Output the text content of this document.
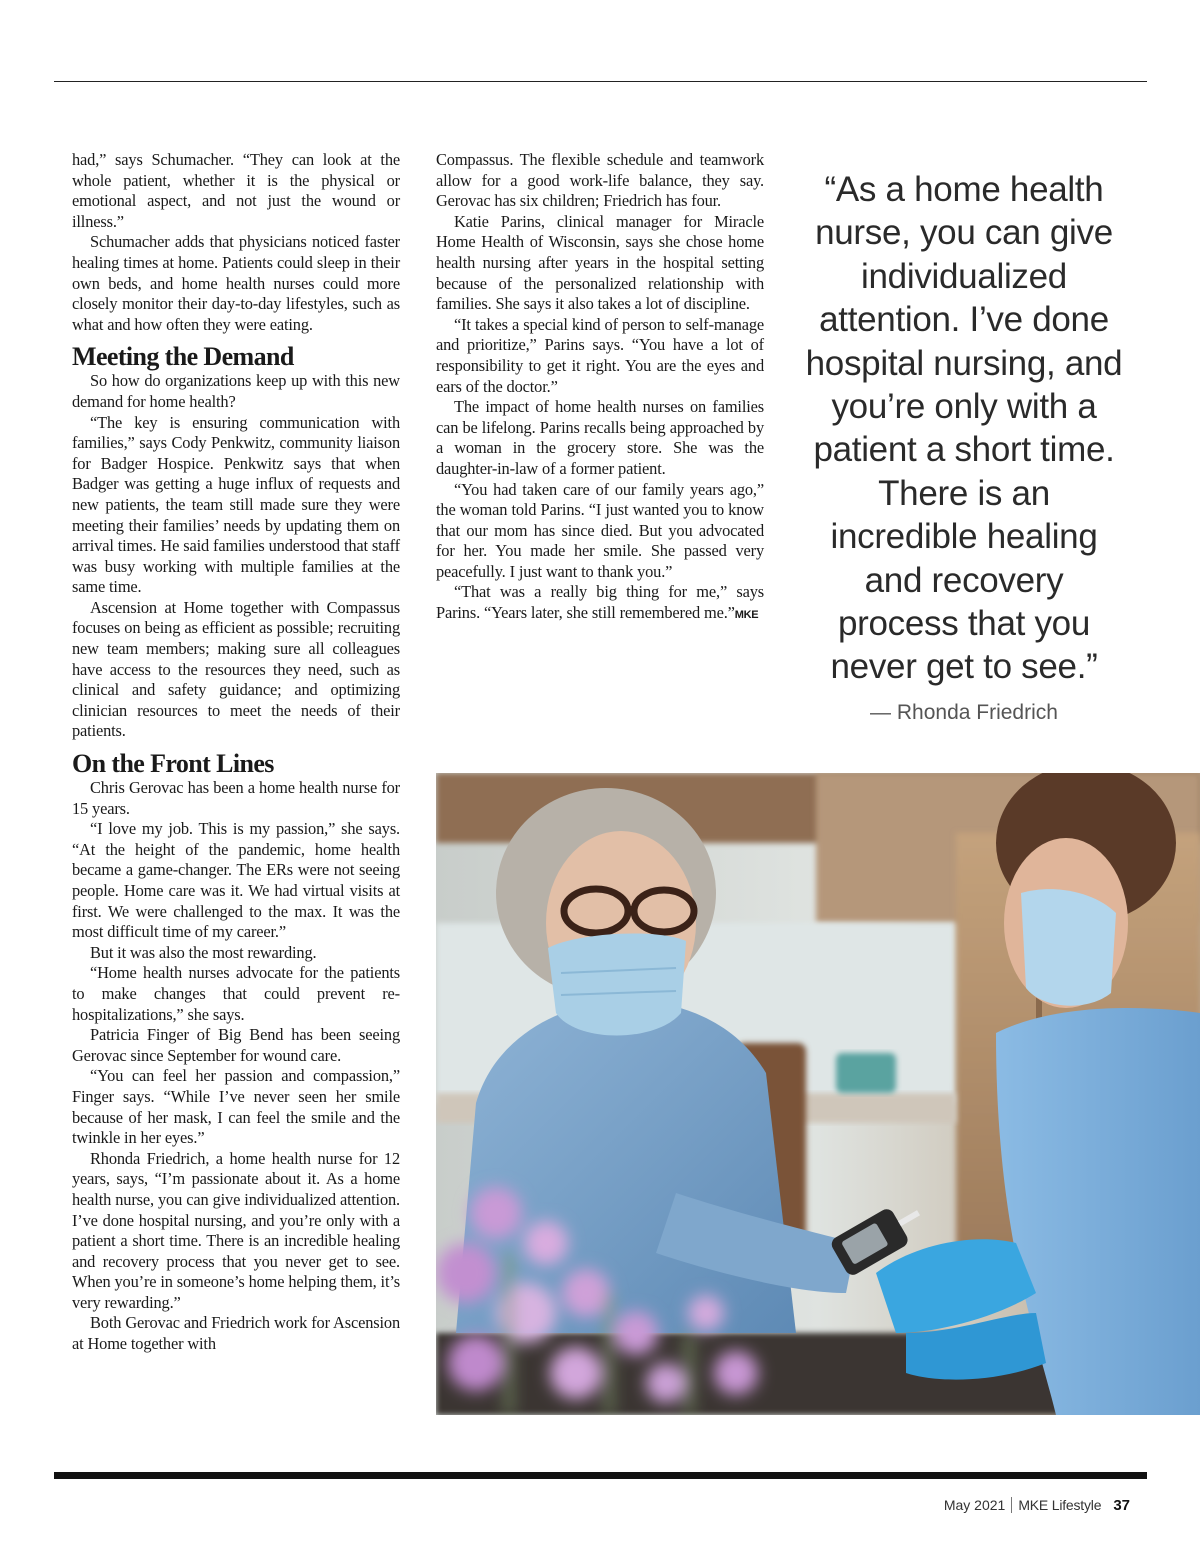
had,” says Schumacher. “They can look at the whole patient, whether it is the physical or emotional aspect, and not just the wound or illness.”

Schumacher adds that physicians noticed faster healing times at home. Patients could sleep in their own beds, and home health nurses could more closely monitor their day-to-day lifestyles, such as what and how often they were eating.

Meeting the Demand

So how do organizations keep up with this new demand for home health?

“The key is ensuring communication with families,” says Cody Penkwitz, community liaison for Badger Hospice. Penkwitz says that when Badger was getting a huge influx of requests and new patients, the team still made sure they were meeting their families’ needs by updating them on arrival times. He said families understood that staff was busy working with multiple families at the same time.

Ascension at Home together with Compassus focuses on being as efficient as possible; recruiting new team members; making sure all colleagues have access to the resources they need, such as clinical and safety guidance; and optimizing clinician resources to meet the needs of their patients.

On the Front Lines

Chris Gerovac has been a home health nurse for 15 years.

“I love my job. This is my passion,” she says. “At the height of the pandemic, home health became a game-changer. The ERs were not seeing people. Home care was it. We had virtual visits at first. We were challenged to the max. It was the most difficult time of my career.”

But it was also the most rewarding.

“Home health nurses advocate for the patients to make changes that could prevent re-hospitalizations,” she says.

Patricia Finger of Big Bend has been seeing Gerovac since September for wound care.

“You can feel her passion and compassion,” Finger says. “While I’ve never seen her smile because of her mask, I can feel the smile and the twinkle in her eyes.”

Rhonda Friedrich, a home health nurse for 12 years, says, “I’m passionate about it. As a home health nurse, you can give individualized attention. I’ve done hospital nursing, and you’re only with a patient a short time. There is an incredible healing and recovery process that you never get to see. When you’re in someone’s home helping them, it’s very rewarding.”

Both Gerovac and Friedrich work for Ascension at Home together with

Compassus. The flexible schedule and teamwork allow for a good work-life balance, they say. Gerovac has six children; Friedrich has four.

Katie Parins, clinical manager for Miracle Home Health of Wisconsin, says she chose home health nursing after years in the hospital setting because of the personalized relationship with families. She says it also takes a lot of discipline.

“It takes a special kind of person to self-manage and prioritize,” Parins says. “You have a lot of responsibility to get it right. You are the eyes and ears of the doctor.”

The impact of home health nurses on families can be lifelong. Parins recalls being approached by a woman in the grocery store. She was the daughter-in-law of a former patient.

“You had taken care of our family years ago,” the woman told Parins. “I just wanted you to know that our mom has since died. But you advocated for her. You made her smile. She passed very peacefully. I just want to thank you.”

“That was a really big thing for me,” says Parins. “Years later, she still remembered me.”MKE

“As a home health nurse, you can give individualized attention. I’ve done hospital nursing, and you’re only with a patient a short time. There is an incredible healing and recovery process that you never get to see.”
— Rhonda Friedrich
May 2021 MKE Lifestyle 37
